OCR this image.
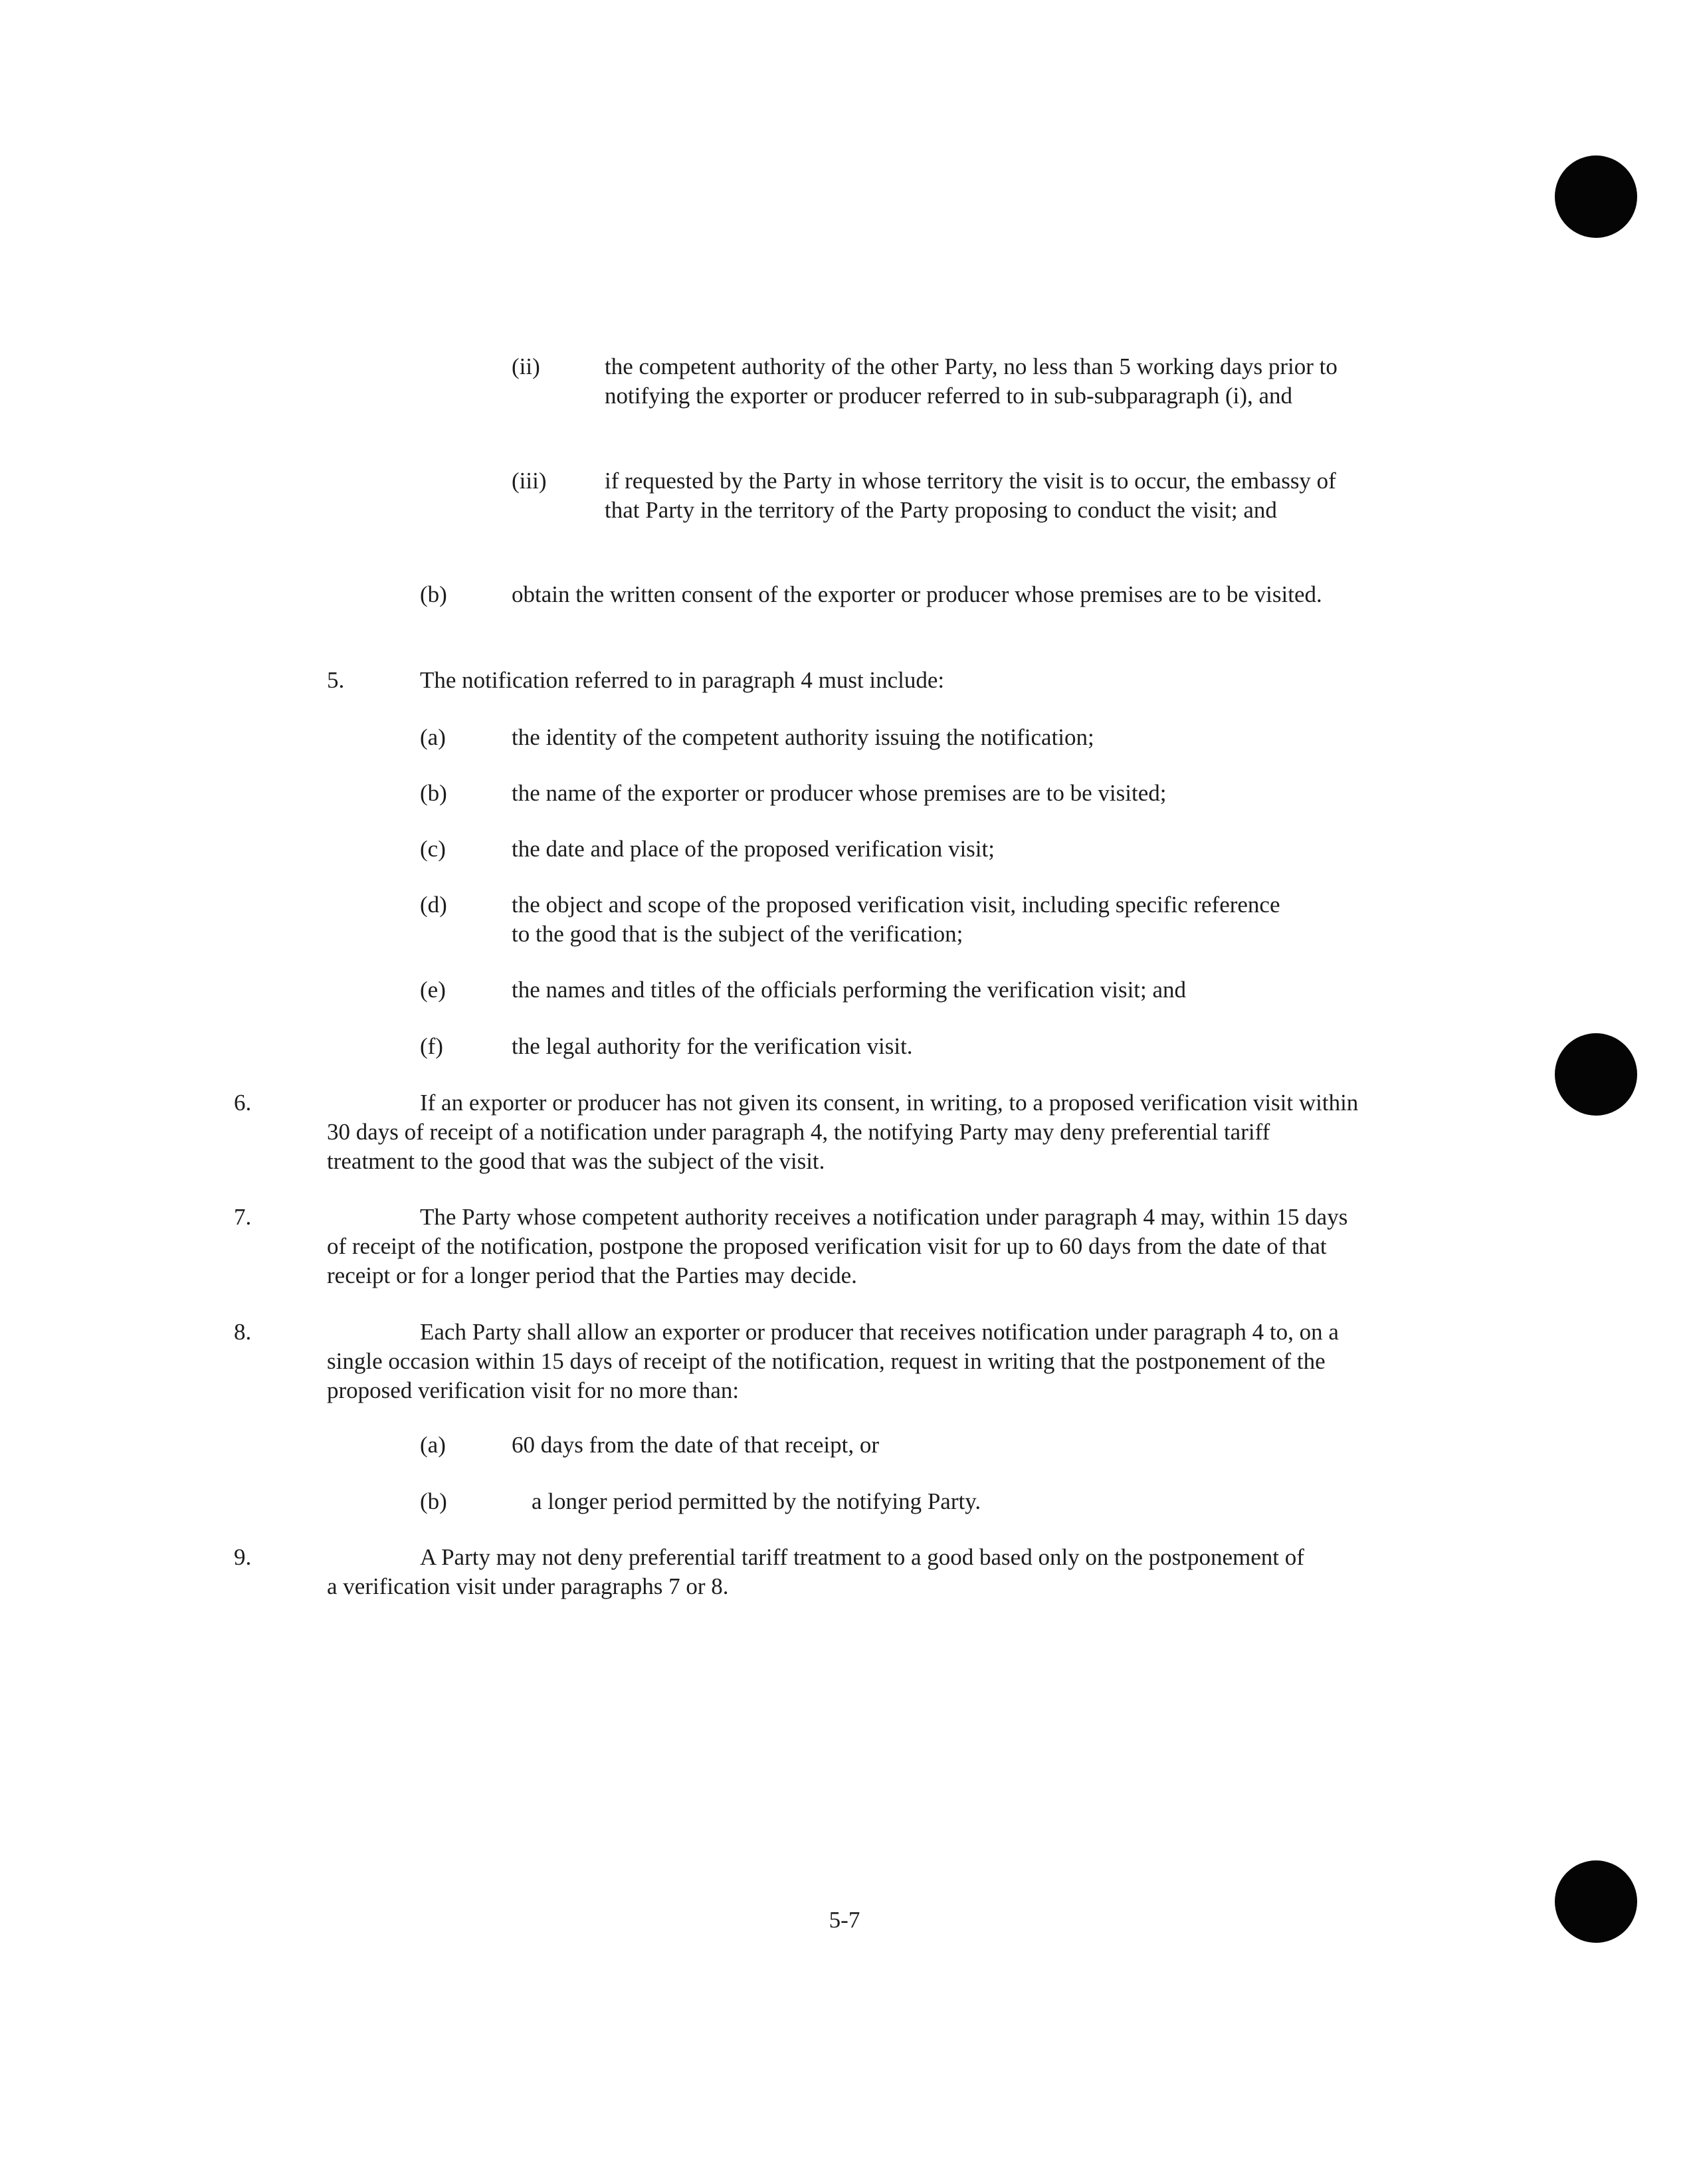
(ii)	the competent authority of the other Party, no less than 5 working days prior to notifying the exporter or producer referred to in sub-subparagraph (i), and
(iii)	if requested by the Party in whose territory the visit is to occur, the embassy of that Party in the territory of the Party proposing to conduct the visit; and
(b)	obtain the written consent of the exporter or producer whose premises are to be visited.
5.	The notification referred to in paragraph 4 must include:
(a)	the identity of the competent authority issuing the notification;
(b)	the name of the exporter or producer whose premises are to be visited;
(c)	the date and place of the proposed verification visit;
(d)	the object and scope of the proposed verification visit, including specific reference to the good that is the subject of the verification;
(e)	the names and titles of the officials performing the verification visit; and
(f)	the legal authority for the verification visit.
6.	If an exporter or producer has not given its consent, in writing, to a proposed verification visit within 30 days of receipt of a notification under paragraph 4, the notifying Party may deny preferential tariff treatment to the good that was the subject of the visit.
7.	The Party whose competent authority receives a notification under paragraph 4 may, within 15 days of receipt of the notification, postpone the proposed verification visit for up to 60 days from the date of that receipt or for a longer period that the Parties may decide.
8.	Each Party shall allow an exporter or producer that receives notification under paragraph 4 to, on a single occasion within 15 days of receipt of the notification, request in writing that the postponement of the proposed verification visit for no more than:
(a)	60 days from the date of that receipt, or
(b)	a longer period permitted by the notifying Party.
9.	A Party may not deny preferential tariff treatment to a good based only on the postponement of a verification visit under paragraphs 7 or 8.
5-7
